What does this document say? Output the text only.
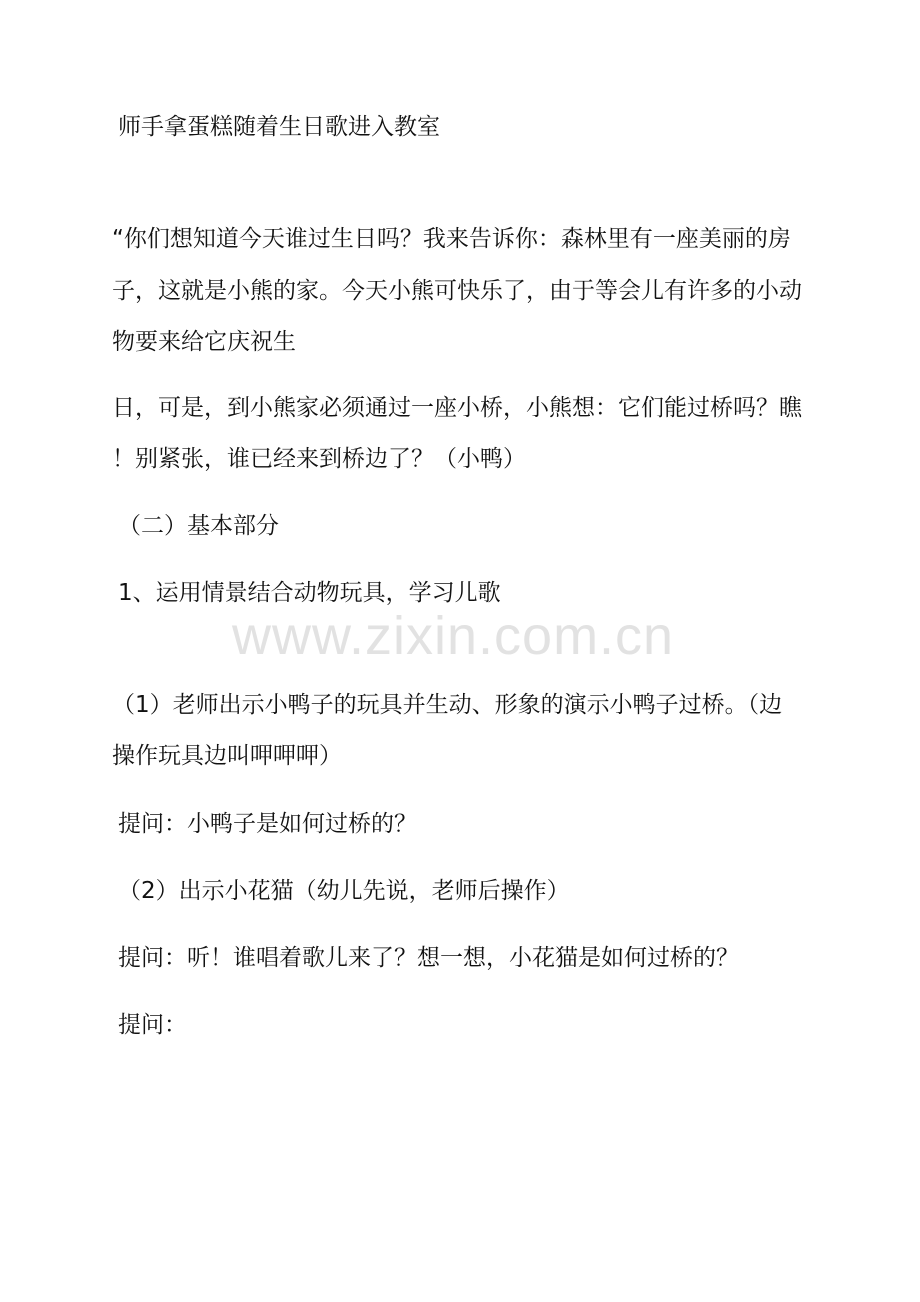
师手拿蛋糕随着生日歌进入教室
“你们想知道今天谁过生日吗？我来告诉你：森林里有一座美丽的房
子，这就是小熊的家。今天小熊可快乐了，由于等会儿有许多的小动
物要来给它庆祝生
日，可是，到小熊家必须通过一座小桥，小熊想：它们能过桥吗？瞧
！别紧张，谁已经来到桥边了？（小鸭）
（二）基本部分
1、运用情景结合动物玩具，学习儿歌
www.zixin.com.cn
（1）老师出示小鸭子的玩具并生动、形象的演示小鸭子过桥。（边
操作玩具边叫呷呷呷）
提问：小鸭子是如何过桥的？
（2）出示小花猫（幼儿先说，老师后操作）
提问：听！谁唱着歌儿来了？想一想，小花猫是如何过桥的？
提问：
